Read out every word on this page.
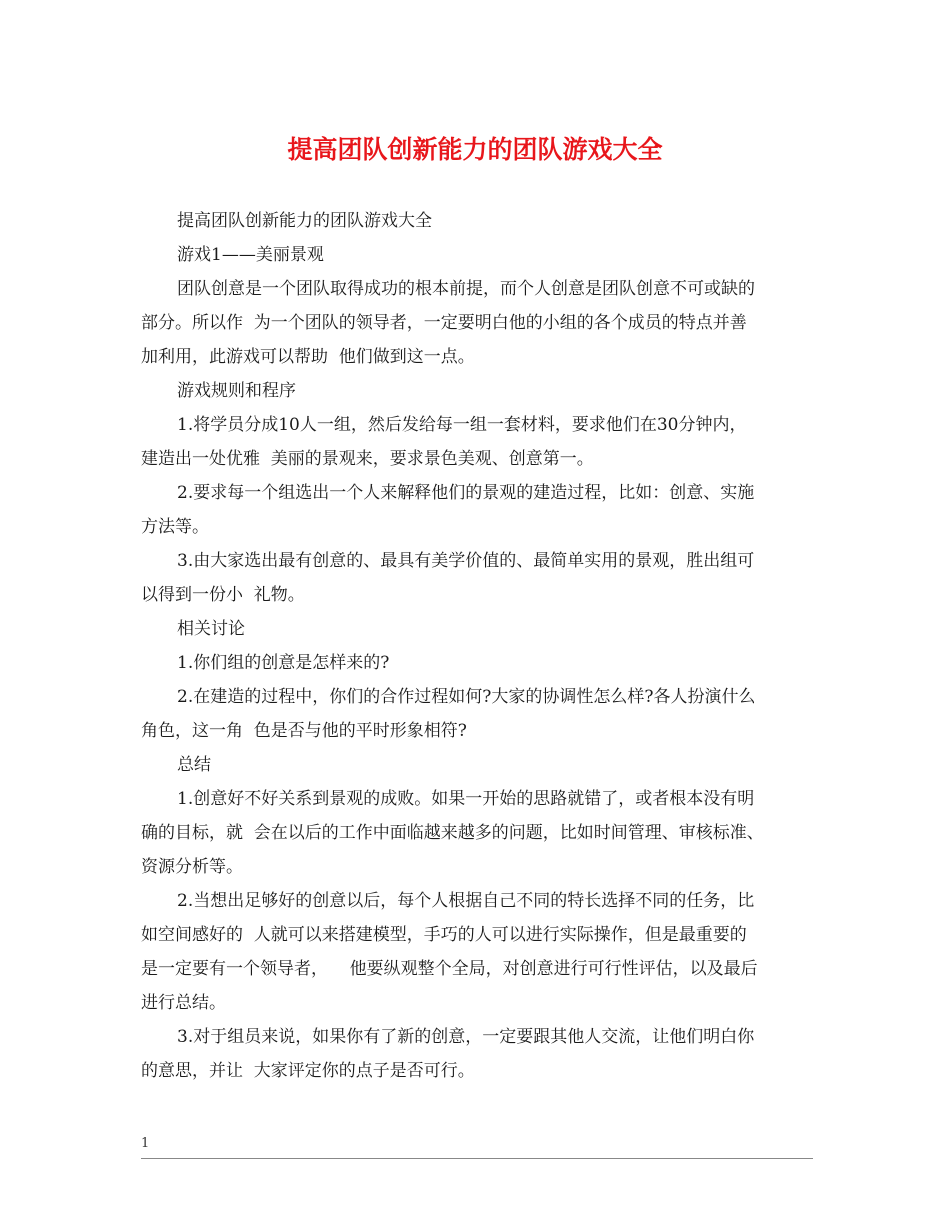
提高团队创新能力的团队游戏大全

提高团队创新能力的团队游戏大全

游戏1——美丽景观

团队创意是一个团队取得成功的根本前提，而个人创意是团队创意不可或缺的

部分。所以作  为一个团队的领导者，一定要明白他的小组的各个成员的特点并善

加利用，此游戏可以帮助  他们做到这一点。

游戏规则和程序

1.将学员分成10人一组，然后发给每一组一套材料，要求他们在30分钟内，

建造出一处优雅  美丽的景观来，要求景色美观、创意第一。

2.要求每一个组选出一个人来解释他们的景观的建造过程，比如：创意、实施

方法等。

3.由大家选出最有创意的、最具有美学价值的、最简单实用的景观，胜出组可

以得到一份小  礼物。

相关讨论

1.你们组的创意是怎样来的?

2.在建造的过程中，你们的合作过程如何?大家的协调性怎么样?各人扮演什么

角色，这一角  色是否与他的平时形象相符?

总结

1.创意好不好关系到景观的成败。如果一开始的思路就错了，或者根本没有明

确的目标，就  会在以后的工作中面临越来越多的问题，比如时间管理、审核标准、

资源分析等。

2.当想出足够好的创意以后，每个人根据自己不同的特长选择不同的任务，比

如空间感好的  人就可以来搭建模型，手巧的人可以进行实际操作，但是最重要的

是一定要有一个领导者，    他要纵观整个全局，对创意进行可行性评估，以及最后

进行总结。

3.对于组员来说，如果你有了新的创意，一定要跟其他人交流，让他们明白你

的意思，并让  大家评定你的点子是否可行。

1
